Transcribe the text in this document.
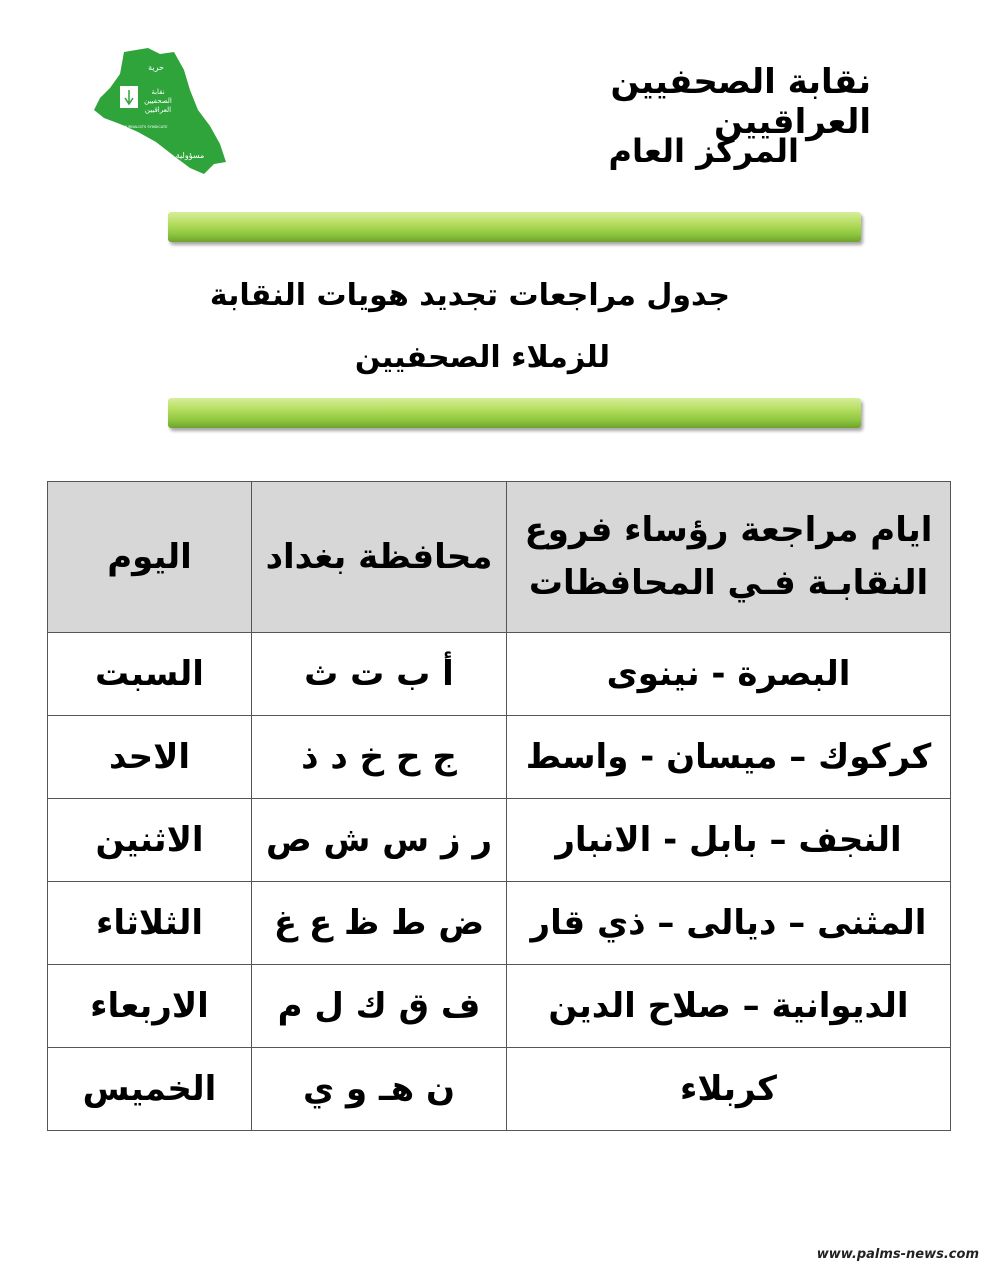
حرية
نقابة
الصحفيين
العراقيين
IRAQ JOURNALISTS SYNDICATE
مسؤولية
نقابة الصحفيين العراقيين
المركز العام
جدول مراجعات تجديد هويات النقابة
للزملاء الصحفيين
ايام مراجعة رؤساء فروع النقابـة فـي المحافظات	محافظة بغداد	اليوم
البصرة - نينوى	أ ب ت ث	السبت
كركوك – ميسان - واسط	ج ح خ د ذ	الاحد
النجف – بابل - الانبار	ر ز س ش ص	الاثنين
المثنى – ديالى – ذي قار	ض ط ظ ع غ	الثلاثاء
الديوانية – صلاح الدين	ف ق ك ل م	الاربعاء
كربلاء	ن هـ و ي	الخميس
www.palms-news.com
